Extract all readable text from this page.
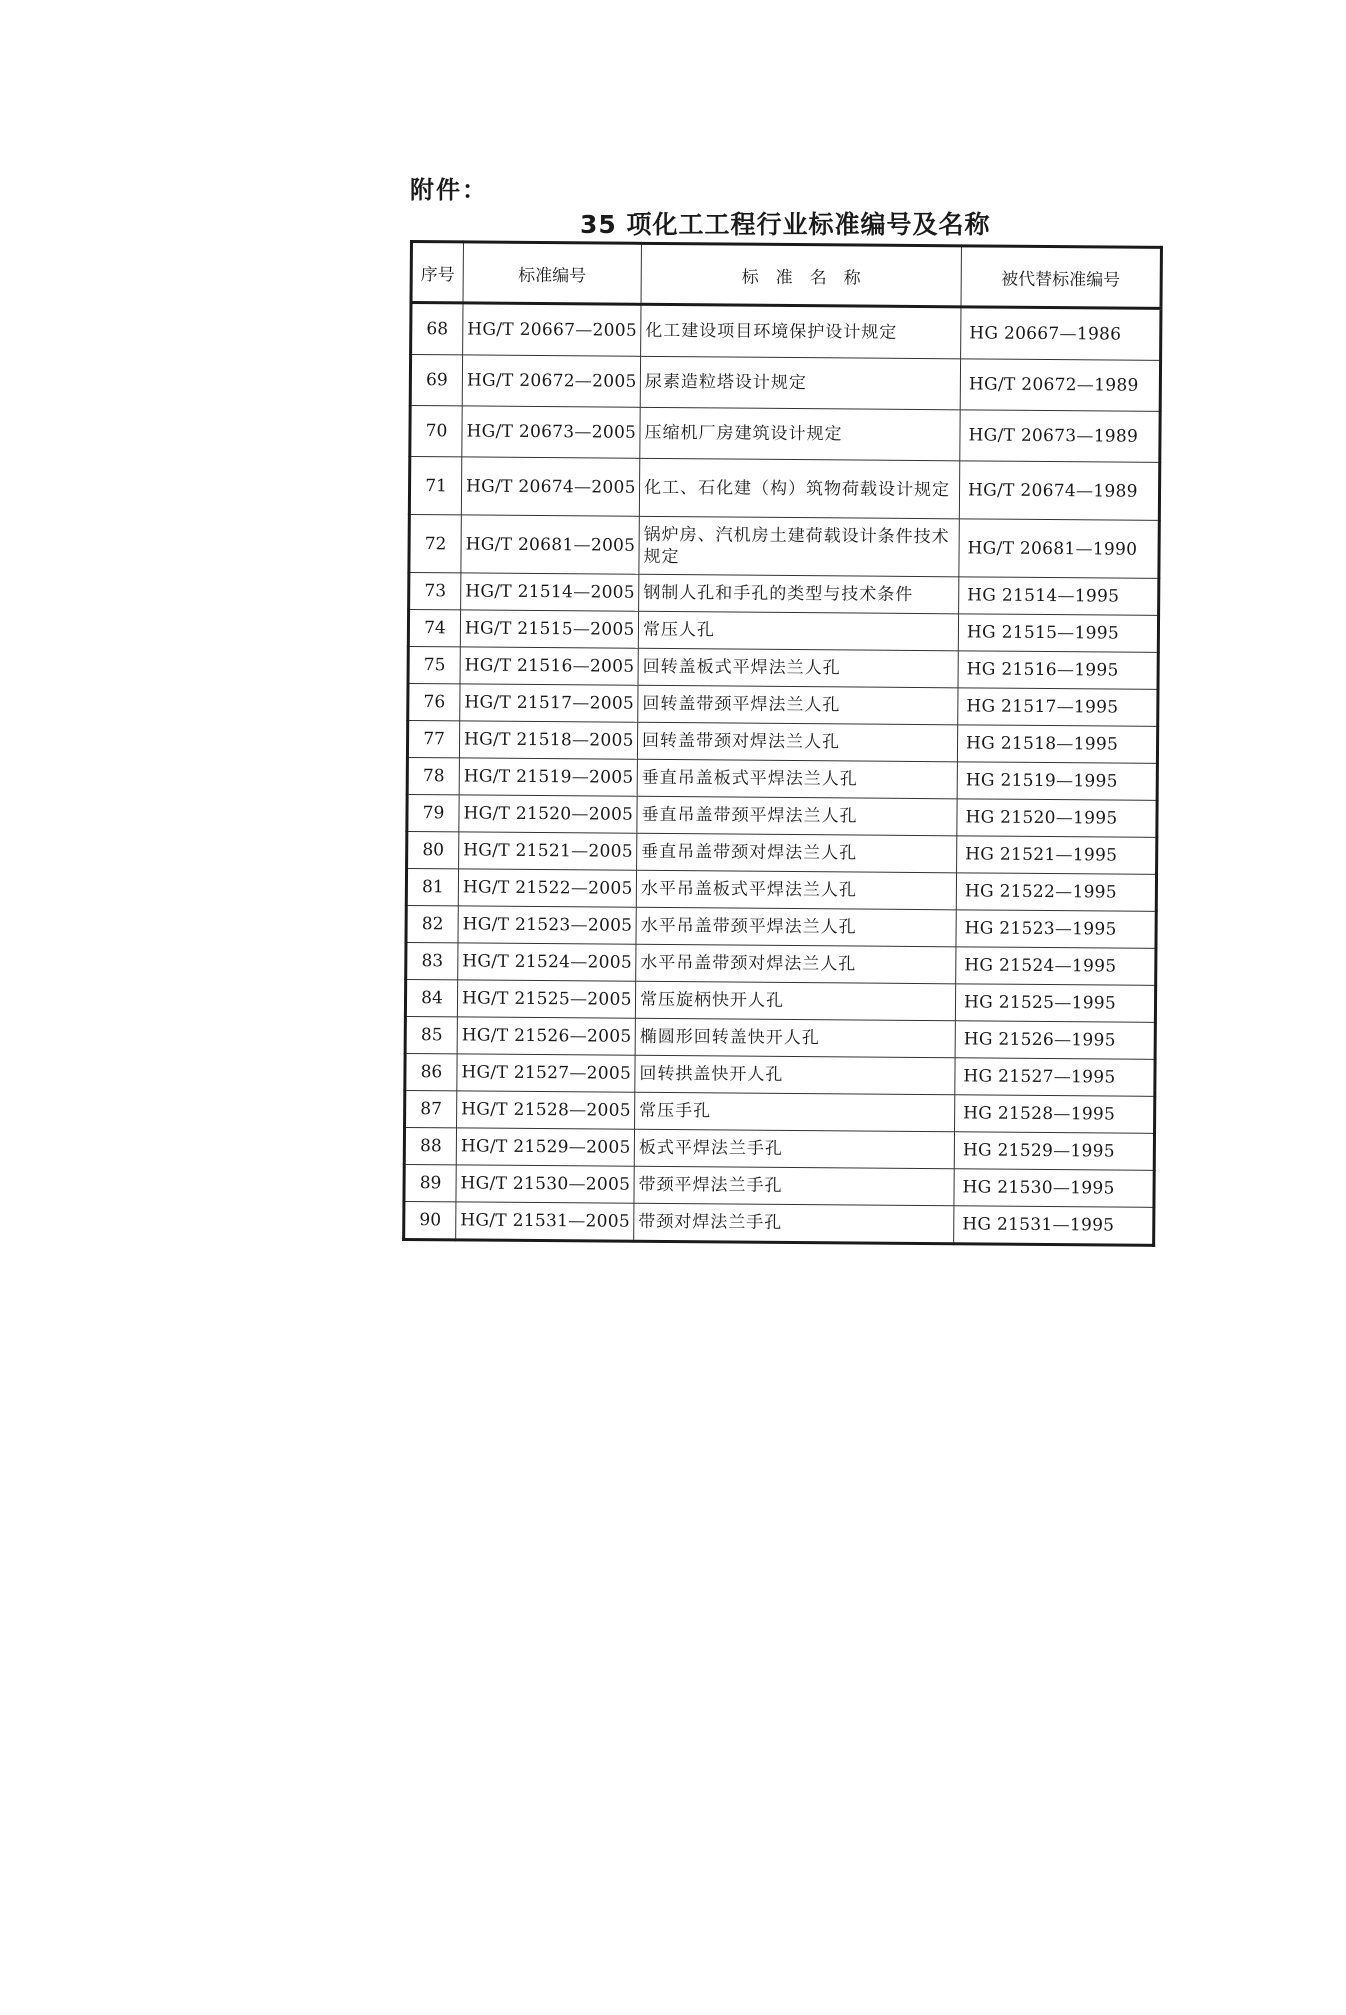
附件：
35 项化工工程行业标准编号及名称
序号	标准编号	标　准　名　称	被代替标准编号
68	HG/T 20667—2005	化工建设项目环境保护设计规定	HG 20667—1986
69	HG/T 20672—2005	尿素造粒塔设计规定	HG/T 20672—1989
70	HG/T 20673—2005	压缩机厂房建筑设计规定	HG/T 20673—1989
71	HG/T 20674—2005	化工、石化建（构）筑物荷载设计规定	HG/T 20674—1989
72	HG/T 20681—2005	锅炉房、汽机房土建荷载设计条件技术规定	HG/T 20681—1990
73	HG/T 21514—2005	钢制人孔和手孔的类型与技术条件	HG 21514—1995
74	HG/T 21515—2005	常压人孔	HG 21515—1995
75	HG/T 21516—2005	回转盖板式平焊法兰人孔	HG 21516—1995
76	HG/T 21517—2005	回转盖带颈平焊法兰人孔	HG 21517—1995
77	HG/T 21518—2005	回转盖带颈对焊法兰人孔	HG 21518—1995
78	HG/T 21519—2005	垂直吊盖板式平焊法兰人孔	HG 21519—1995
79	HG/T 21520—2005	垂直吊盖带颈平焊法兰人孔	HG 21520—1995
80	HG/T 21521—2005	垂直吊盖带颈对焊法兰人孔	HG 21521—1995
81	HG/T 21522—2005	水平吊盖板式平焊法兰人孔	HG 21522—1995
82	HG/T 21523—2005	水平吊盖带颈平焊法兰人孔	HG 21523—1995
83	HG/T 21524—2005	水平吊盖带颈对焊法兰人孔	HG 21524—1995
84	HG/T 21525—2005	常压旋柄快开人孔	HG 21525—1995
85	HG/T 21526—2005	椭圆形回转盖快开人孔	HG 21526—1995
86	HG/T 21527—2005	回转拱盖快开人孔	HG 21527—1995
87	HG/T 21528—2005	常压手孔	HG 21528—1995
88	HG/T 21529—2005	板式平焊法兰手孔	HG 21529—1995
89	HG/T 21530—2005	带颈平焊法兰手孔	HG 21530—1995
90	HG/T 21531—2005	带颈对焊法兰手孔	HG 21531—1995
